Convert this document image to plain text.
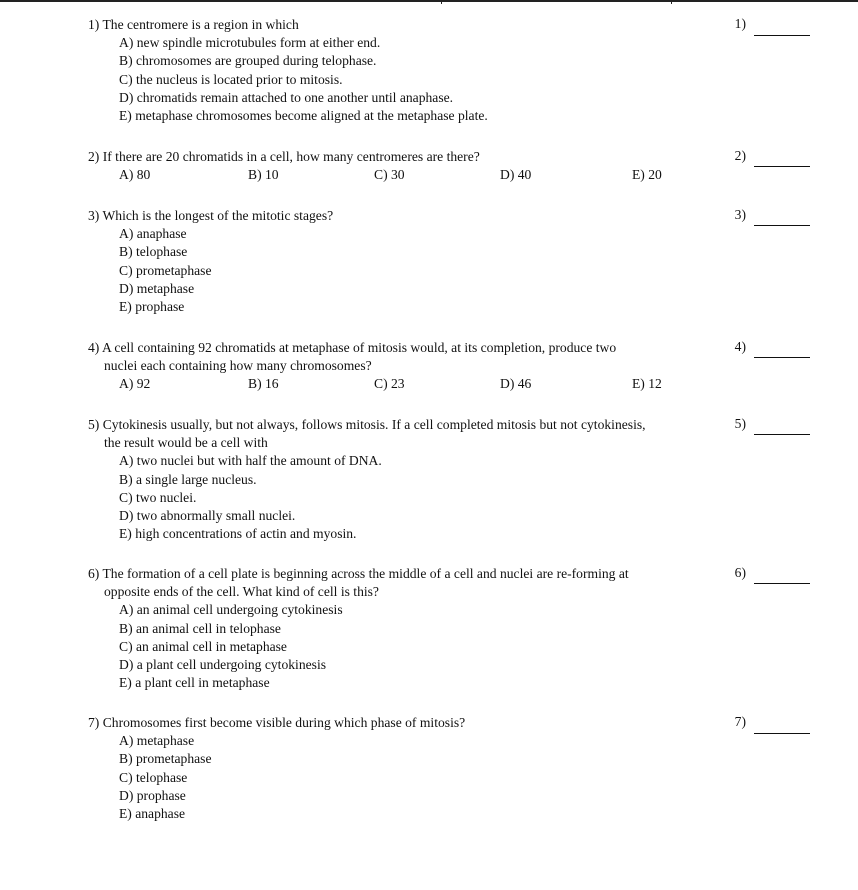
1) The centromere is a region in which
A) new spindle microtubules form at either end.
B) chromosomes are grouped during telophase.
C) the nucleus is located prior to mitosis.
D) chromatids remain attached to one another until anaphase.
E) metaphase chromosomes become aligned at the metaphase plate.
1)
2) If there are 20 chromatids in a cell, how many centromeres are there?
A) 80	B) 10	C) 30	D) 40	E) 20
2)
3) Which is the longest of the mitotic stages?
A) anaphase
B) telophase
C) prometaphase
D) metaphase
E) prophase
3)
4) A cell containing 92 chromatids at metaphase of mitosis would, at its completion, produce two
nuclei each containing how many chromosomes?
A) 92	B) 16	C) 23	D) 46	E) 12
4)
5) Cytokinesis usually, but not always, follows mitosis. If a cell completed mitosis but not cytokinesis,
the result would be a cell with
A) two nuclei but with half the amount of DNA.
B) a single large nucleus.
C) two nuclei.
D) two abnormally small nuclei.
E) high concentrations of actin and myosin.
5)
6) The formation of a cell plate is beginning across the middle of a cell and nuclei are re-forming at
opposite ends of the cell. What kind of cell is this?
A) an animal cell undergoing cytokinesis
B) an animal cell in telophase
C) an animal cell in metaphase
D) a plant cell undergoing cytokinesis
E) a plant cell in metaphase
6)
7) Chromosomes first become visible during which phase of mitosis?
A) metaphase
B) prometaphase
C) telophase
D) prophase
E) anaphase
7)
